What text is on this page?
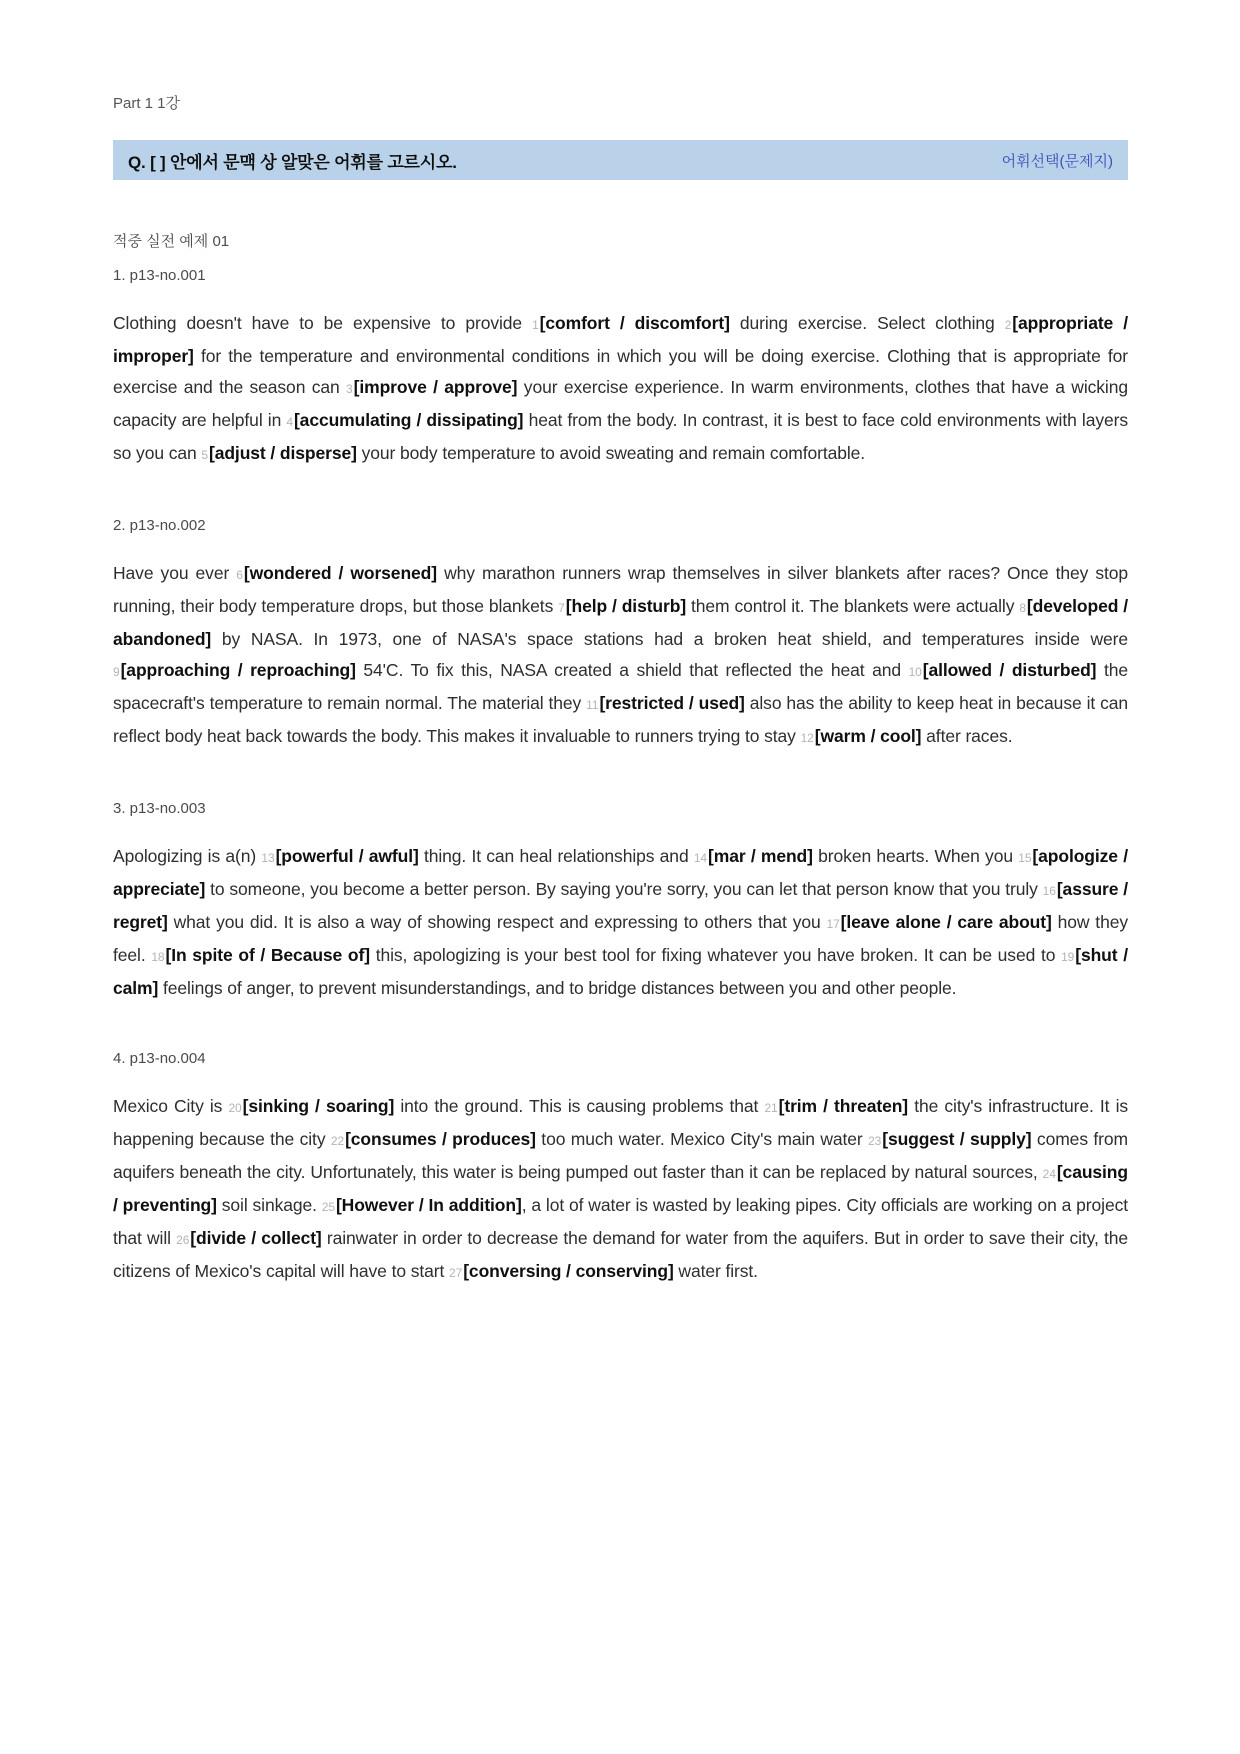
Part 1 1강
Q. [ ] 안에서 문맥 상 알맞은 어휘를 고르시오.	어휘선택(문제지)
적중 실전 예제 01
1. p13-no.001

Clothing doesn't have to be expensive to provide 1[comfort / discomfort] during exercise. Select clothing 2[appropriate / improper] for the temperature and environmental conditions in which you will be doing exercise. Clothing that is appropriate for exercise and the season can 3[improve / approve] your exercise experience. In warm environments, clothes that have a wicking capacity are helpful in 4[accumulating / dissipating] heat from the body. In contrast, it is best to face cold environments with layers so you can 5[adjust / disperse] your body temperature to avoid sweating and remain comfortable.

2. p13-no.002

Have you ever 6[wondered / worsened] why marathon runners wrap themselves in silver blankets after races? Once they stop running, their body temperature drops, but those blankets 7[help / disturb] them control it. The blankets were actually 8[developed / abandoned] by NASA. In 1973, one of NASA's space stations had a broken heat shield, and temperatures inside were 9[approaching / reproaching] 54'C. To fix this, NASA created a shield that reflected the heat and 10[allowed / disturbed] the spacecraft's temperature to remain normal. The material they 11[restricted / used] also has the ability to keep heat in because it can reflect body heat back towards the body. This makes it invaluable to runners trying to stay 12[warm / cool] after races.

3. p13-no.003

Apologizing is a(n) 13[powerful / awful] thing. It can heal relationships and 14[mar / mend] broken hearts. When you 15[apologize / appreciate] to someone, you become a better person. By saying you're sorry, you can let that person know that you truly 16[assure / regret] what you did. It is also a way of showing respect and expressing to others that you 17[leave alone / care about] how they feel. 18[In spite of / Because of] this, apologizing is your best tool for fixing whatever you have broken. It can be used to 19[shut / calm] feelings of anger, to prevent misunderstandings, and to bridge distances between you and other people.

4. p13-no.004

Mexico City is 20[sinking / soaring] into the ground. This is causing problems that 21[trim / threaten] the city's infrastructure. It is happening because the city 22[consumes / produces] too much water. Mexico City's main water 23[suggest / supply] comes from aquifers beneath the city. Unfortunately, this water is being pumped out faster than it can be replaced by natural sources, 24[causing / preventing] soil sinkage. 25[However / In addition], a lot of water is wasted by leaking pipes. City officials are working on a project that will 26[divide / collect] rainwater in order to decrease the demand for water from the aquifers. But in order to save their city, the citizens of Mexico's capital will have to start 27[conversing / conserving] water first.
